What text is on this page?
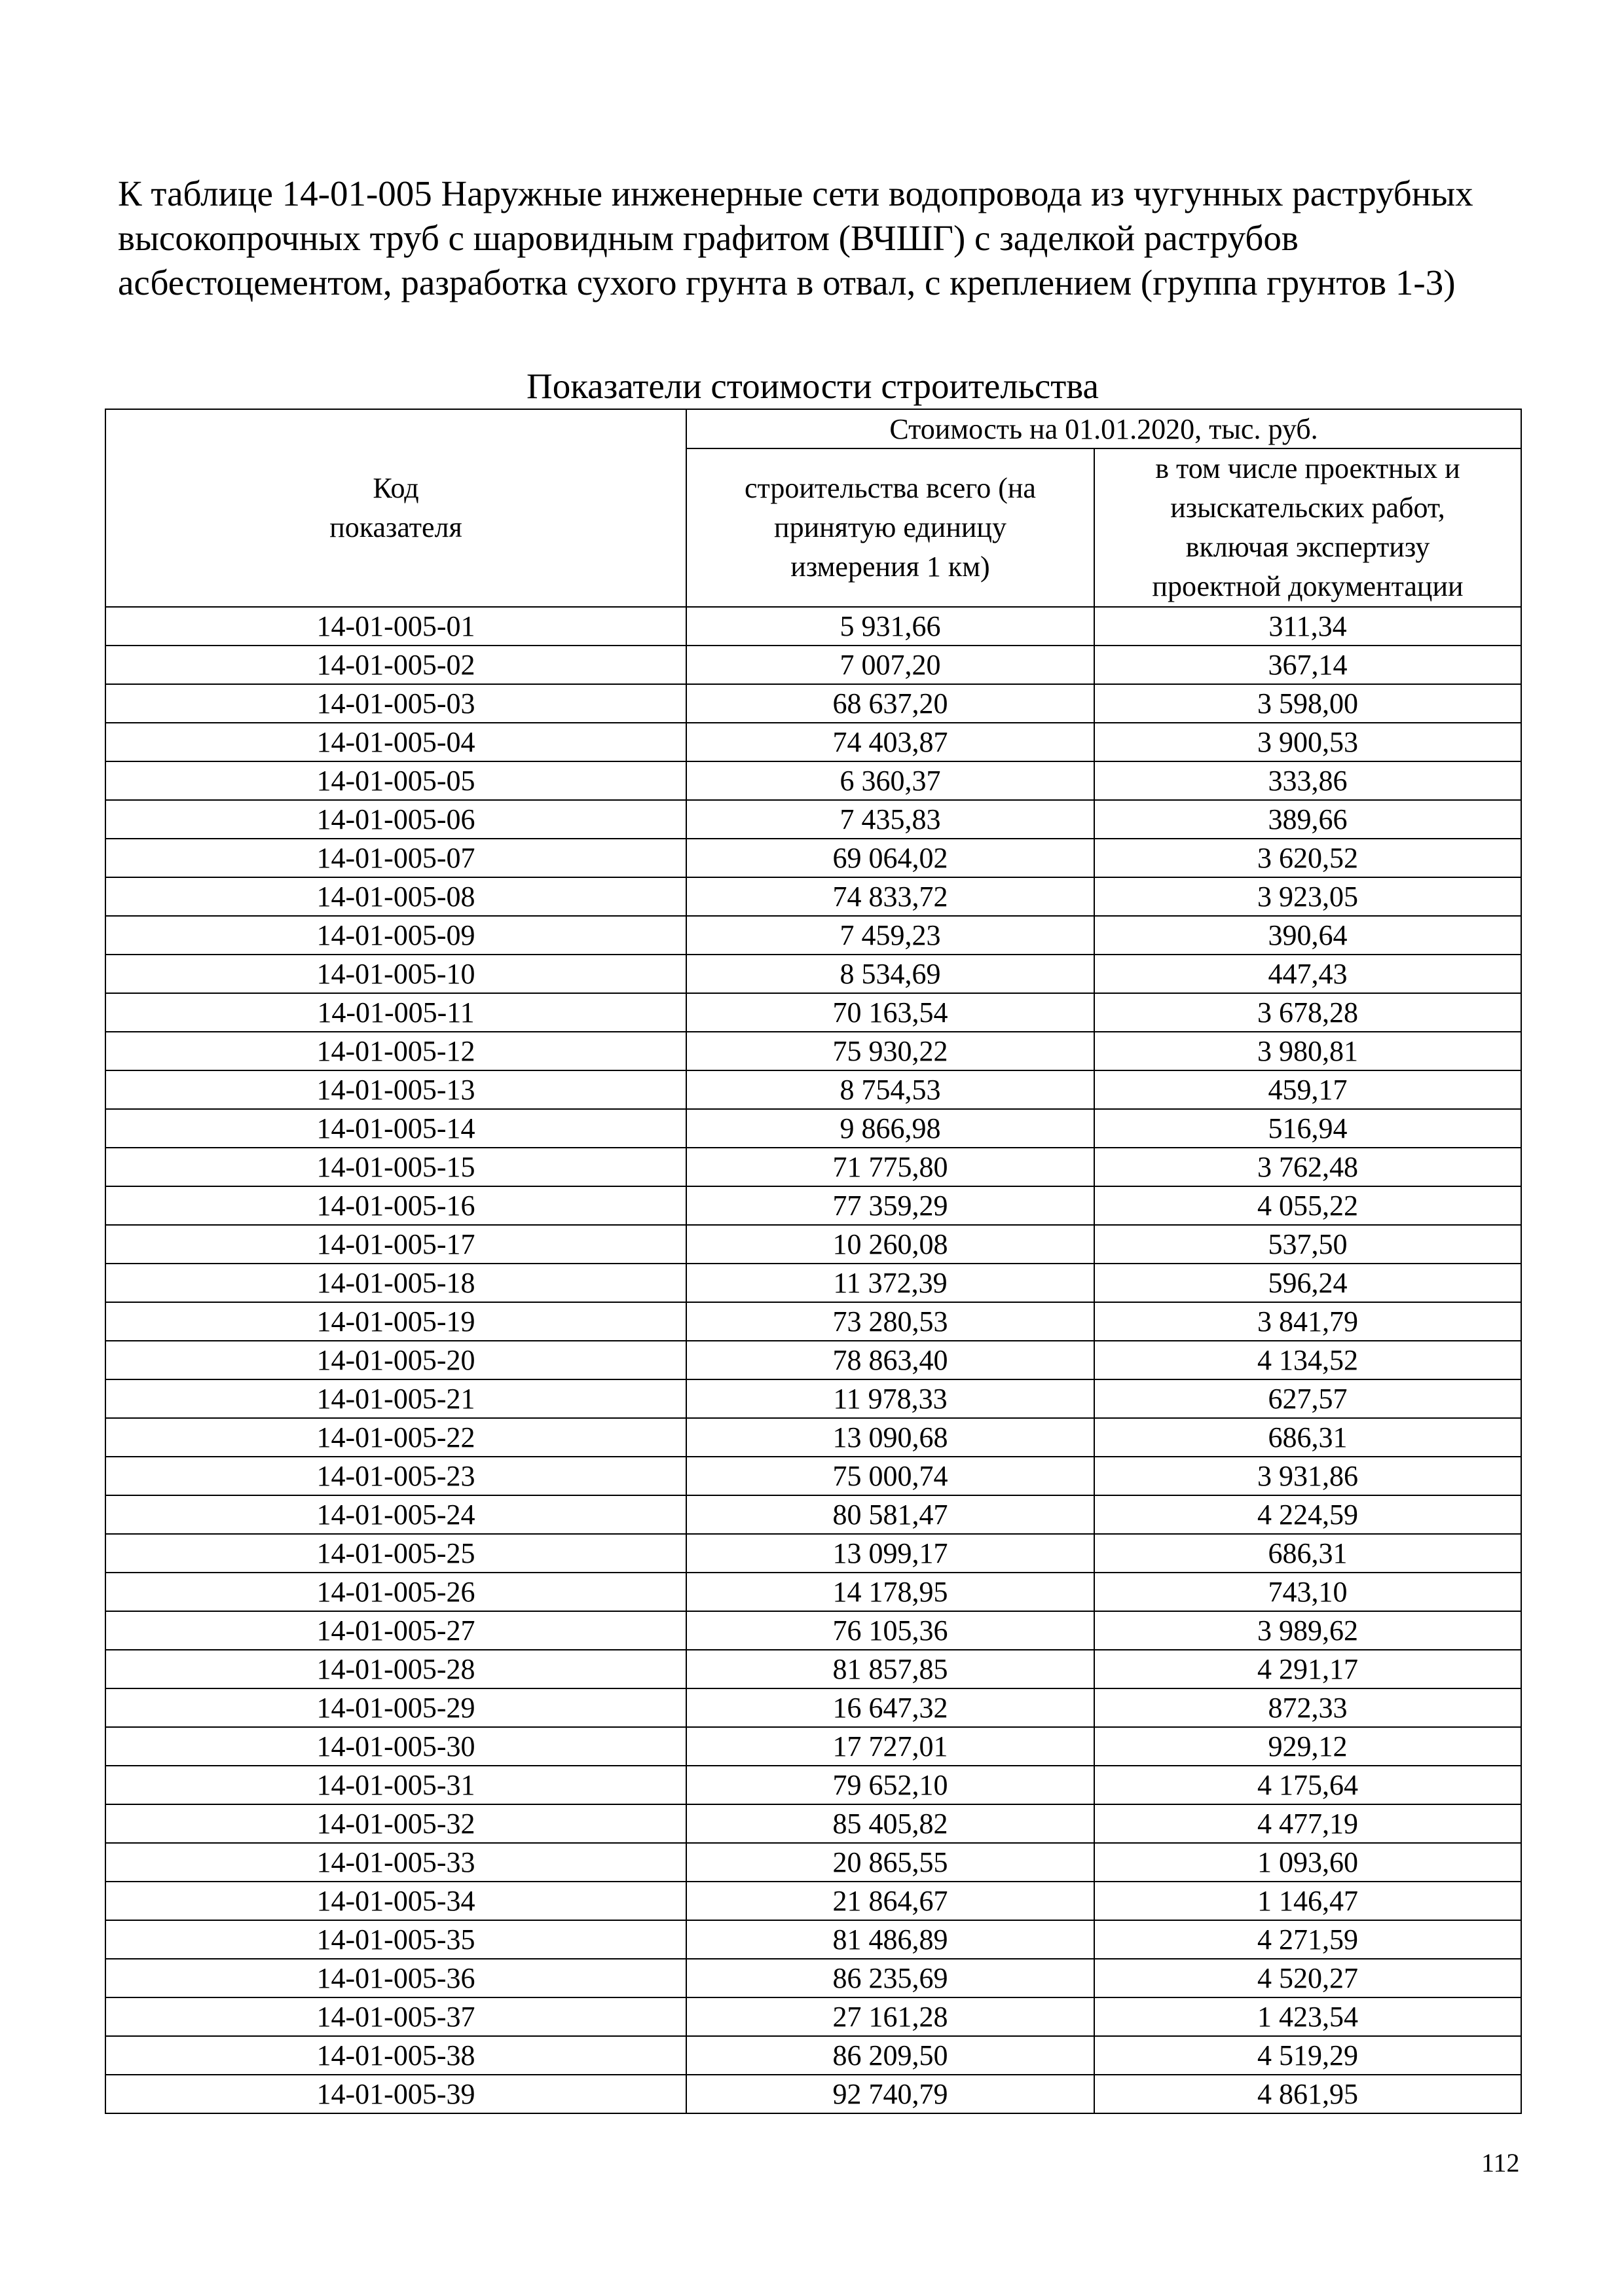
К таблице 14-01-005 Наружные инженерные сети водопровода из чугунных раструбных высокопрочных труб с шаровидным графитом (ВЧШГ) с заделкой раструбов асбестоцементом, разработка сухого грунта в отвал, с креплением (группа грунтов 1-3)
Показатели стоимости строительства
Код показателя	Стоимость на 01.01.2020, тыс. руб.	
	строительства всего (на принятую единицу измерения 1 км)	в том числе проектных и изыскательских работ, включая экспертизу проектной документации
14-01-005-01	5 931,66	311,34
14-01-005-02	7 007,20	367,14
14-01-005-03	68 637,20	3 598,00
14-01-005-04	74 403,87	3 900,53
14-01-005-05	6 360,37	333,86
14-01-005-06	7 435,83	389,66
14-01-005-07	69 064,02	3 620,52
14-01-005-08	74 833,72	3 923,05
14-01-005-09	7 459,23	390,64
14-01-005-10	8 534,69	447,43
14-01-005-11	70 163,54	3 678,28
14-01-005-12	75 930,22	3 980,81
14-01-005-13	8 754,53	459,17
14-01-005-14	9 866,98	516,94
14-01-005-15	71 775,80	3 762,48
14-01-005-16	77 359,29	4 055,22
14-01-005-17	10 260,08	537,50
14-01-005-18	11 372,39	596,24
14-01-005-19	73 280,53	3 841,79
14-01-005-20	78 863,40	4 134,52
14-01-005-21	11 978,33	627,57
14-01-005-22	13 090,68	686,31
14-01-005-23	75 000,74	3 931,86
14-01-005-24	80 581,47	4 224,59
14-01-005-25	13 099,17	686,31
14-01-005-26	14 178,95	743,10
14-01-005-27	76 105,36	3 989,62
14-01-005-28	81 857,85	4 291,17
14-01-005-29	16 647,32	872,33
14-01-005-30	17 727,01	929,12
14-01-005-31	79 652,10	4 175,64
14-01-005-32	85 405,82	4 477,19
14-01-005-33	20 865,55	1 093,60
14-01-005-34	21 864,67	1 146,47
14-01-005-35	81 486,89	4 271,59
14-01-005-36	86 235,69	4 520,27
14-01-005-37	27 161,28	1 423,54
14-01-005-38	86 209,50	4 519,29
14-01-005-39	92 740,79	4 861,95
112
